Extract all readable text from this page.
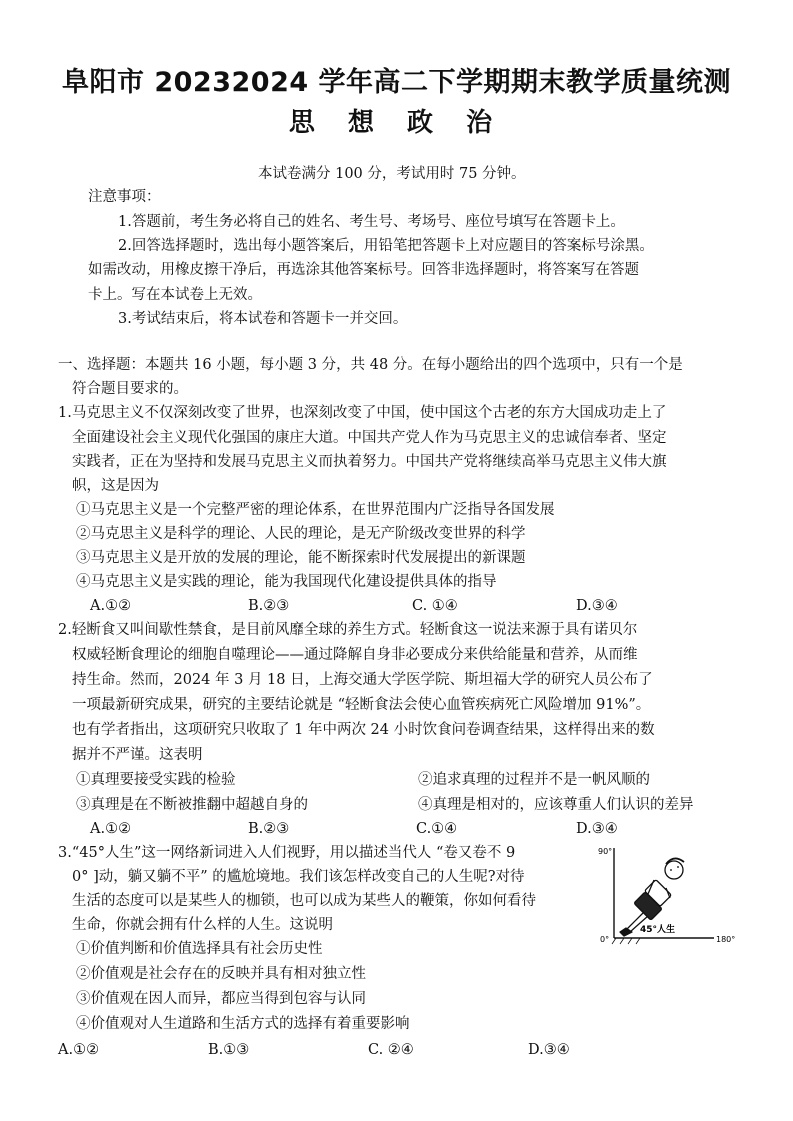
阜阳市 20232024 学年高二下学期期末教学质量统测
思 想 政 治
本试卷满分 100 分，考试用时 75 分钟。
注意事项：
1.答题前，考生务必将自己的姓名、考生号、考场号、座位号填写在答题卡上。
2.回答选择题时，选出每小题答案后，用铅笔把答题卡上对应题目的答案标号涂黑。
如需改动，用橡皮擦干净后，再选涂其他答案标号。回答非选择题时，将答案写在答题
卡上。写在本试卷上无效。
3.考试结束后，将本试卷和答题卡一并交回。
一、选择题：本题共 16 小题，每小题 3 分，共 48 分。在每小题给出的四个选项中，只有一个是
符合题目要求的。
1.马克思主义不仅深刻改变了世界，也深刻改变了中国，使中国这个古老的东方大国成功走上了
全面建设社会主义现代化强国的康庄大道。中国共产党人作为马克思主义的忠诚信奉者、坚定
实践者，正在为坚持和发展马克思主义而执着努力。中国共产党将继续高举马克思主义伟大旗
帜，这是因为
①马克思主义是一个完整严密的理论体系，在世界范围内广泛指导各国发展
②马克思主义是科学的理论、人民的理论，是无产阶级改变世界的科学
③马克思主义是开放的发展的理论，能不断探索时代发展提出的新课题
④马克思主义是实践的理论，能为我国现代化建设提供具体的指导
A.①②	B.②③	C. ①④	D.③④
2.轻断食又叫间歇性禁食，是目前风靡全球的养生方式。轻断食这一说法来源于具有诺贝尔
权威轻断食理论的细胞自噬理论——通过降解自身非必要成分来供给能量和营养，从而维
持生命。然而，2024 年 3 月 18 日，上海交通大学医学院、斯坦福大学的研究人员公布了
一项最新研究成果，研究的主要结论就是 “轻断食法会使心血管疾病死亡风险增加 91%”。
也有学者指出，这项研究只收取了 1 年中两次 24 小时饮食问卷调查结果，这样得出来的数
据并不严谨。这表明
①真理要接受实践的检验	②追求真理的过程并不是一帆风顺的
③真理是在不断被推翻中超越自身的	④真理是相对的，应该尊重人们认识的差异
A.①②	B.②③	C.①④	D.③④
3.“45°人生”这一网络新词进入人们视野，用以描述当代人 “卷又卷不 9
0° ]动，躺又躺不平” 的尴尬境地。我们该怎样改变自己的人生呢?对待
生活的态度可以是某些人的枷锁，也可以成为某些人的鞭策，你如何看待
生命，你就会拥有什么样的人生。这说明
①价值判断和价值选择具有社会历史性
②价值观是社会存在的反映并具有相对独立性
③价值观在因人而异，都应当得到包容与认同
④价值观对人生道路和生活方式的选择有着重要影响
A.①②	B.①③	C. ②④	D.③④
90°
0°	180°
45°人生
